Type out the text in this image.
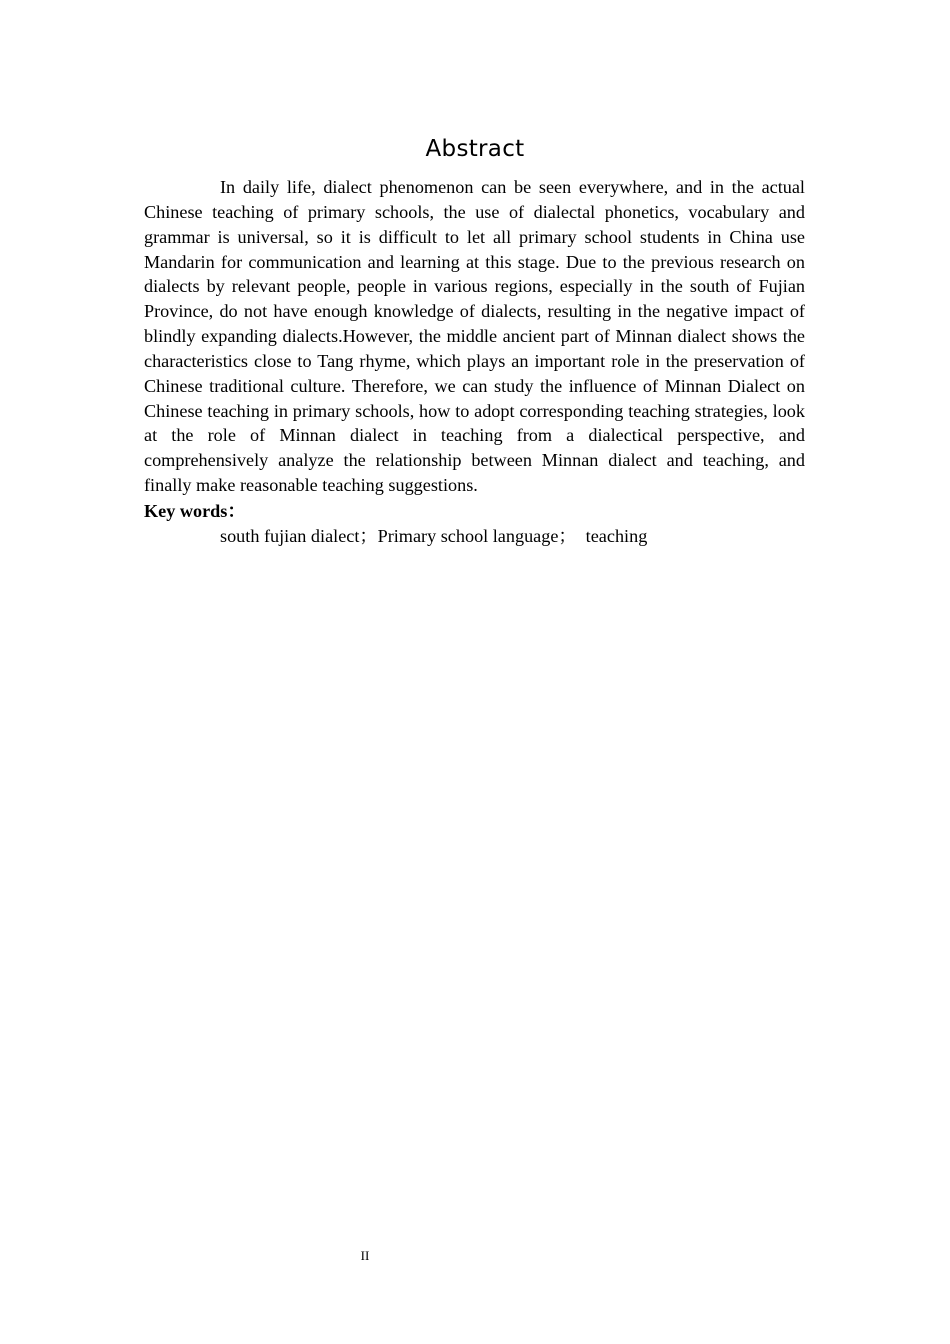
Abstract

In daily life, dialect phenomenon can be seen everywhere, and in the actual Chinese teaching of primary schools, the use of dialectal phonetics, vocabulary and grammar is universal, so it is difficult to let all primary school students in China use Mandarin for communication and learning at this stage. Due to the previous research on dialects by relevant people, people in various regions, especially in the south of Fujian Province, do not have enough knowledge of dialects, resulting in the negative impact of blindly expanding dialects.However, the middle ancient part of Minnan dialect shows the characteristics close to Tang rhyme, which plays an important role in the preservation of Chinese traditional culture. Therefore, we can study the influence of Minnan Dialect on Chinese teaching in primary schools, how to adopt corresponding teaching strategies, look at the role of Minnan dialect in teaching from a dialectical perspective, and comprehensively analyze the relationship between Minnan dialect and teaching, and finally make reasonable teaching suggestions.

Key words：
south fujian dialect；Primary school language；  teaching
II
